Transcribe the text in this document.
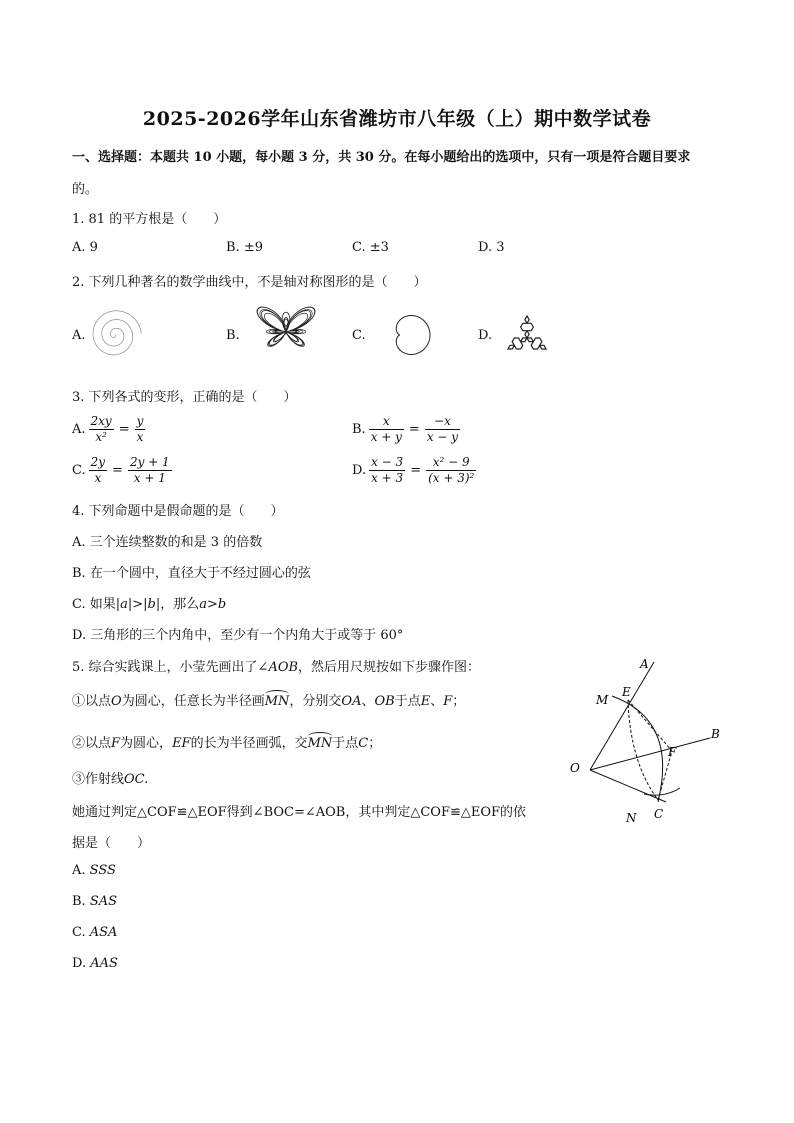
2025-2026学年山东省潍坊市八年级（上）期中数学试卷
一、选择题：本题共 10 小题，每小题 3 分，共 30 分。在每小题给出的选项中，只有一项是符合题目要求
的。
1. 81 的平方根是（　　）
A. 9	B. ±9	C. ±3	D. 3
2. 下列几种著名的数学曲线中，不是轴对称图形的是（　　）
A.	B.	C.	D.
3. 下列各式的变形，正确的是（　　）
A. $\frac{2xy}{\text{x²}} = \frac{y}{x}$	B. $\frac{x}{x + y} = \frac{-x}{x - y}$
C. $\frac{2y}{x} = \frac{2y + 1}{x + 1}$	D. $\frac{x - 3}{x + 3} = \frac{\text{x² − 9}}{\text{(x + 3)²}}$
4. 下列命题中是假命题的是（　　）
A. 三个连续整数的和是 3 的倍数
B. 在一个圆中，直径大于不经过圆心的弦
C. 如果|a|>|b|，那么a>b
D. 三角形的三个内角中，至少有一个内角大于或等于 60°
5. 综合实践课上，小莹先画出了∠AOB，然后用尺规按如下步骤作图：
①以点O为圆心，任意长为半径画MN，分别交OA、OB于点E、F；
②以点F为圆心，EF的长为半径画弧，交MN于点C；
③作射线OC.
她通过判定△COF≌△EOF得到∠BOC=∠AOB，其中判定△COF≌△EOF的依
据是（　　）
A. SSS
B. SAS
C. ASA
D. AAS
A
B
O
M
E
F
N C
